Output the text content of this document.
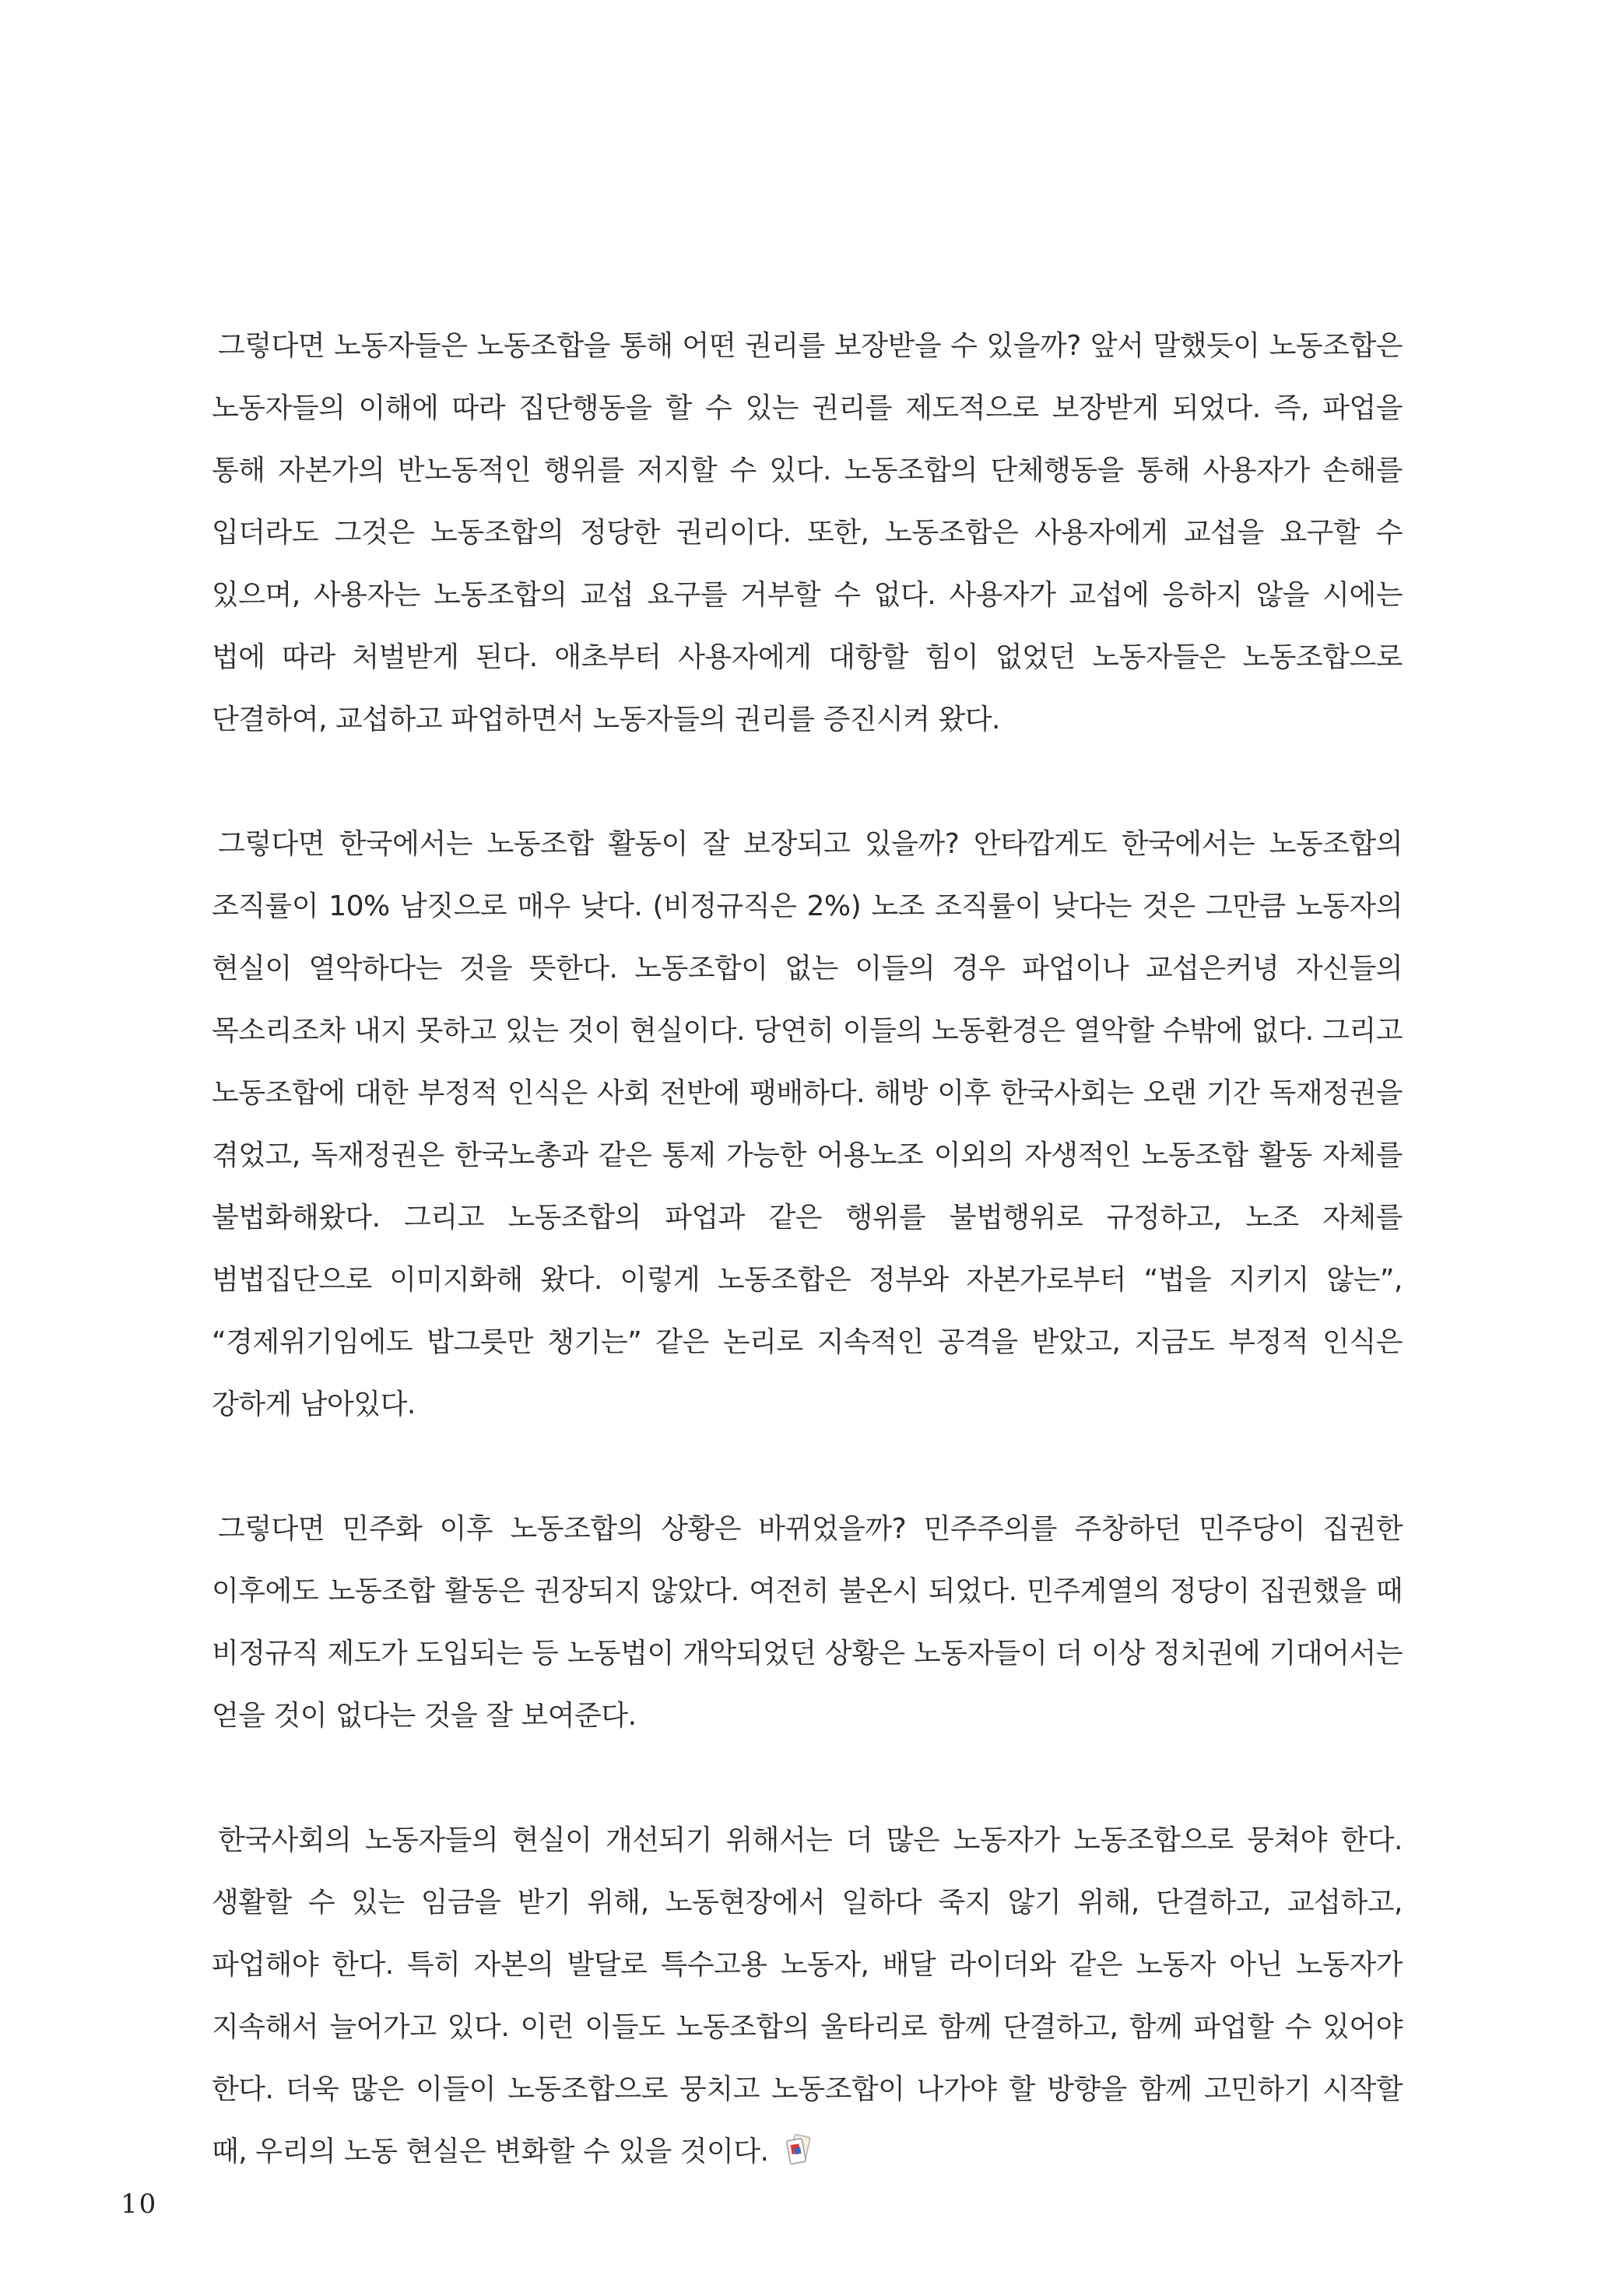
그렇다면 노동자들은 노동조합을 통해 어떤 권리를 보장받을 수 있을까? 앞서 말했듯이 노동조합은 노동자들의 이해에 따라 집단행동을 할 수 있는 권리를 제도적으로 보장받게 되었다. 즉, 파업을 통해 자본가의 반노동적인 행위를 저지할 수 있다. 노동조합의 단체행동을 통해 사용자가 손해를 입더라도 그것은 노동조합의 정당한 권리이다. 또한, 노동조합은 사용자에게 교섭을 요구할 수 있으며, 사용자는 노동조합의 교섭 요구를 거부할 수 없다. 사용자가 교섭에 응하지 않을 시에는 법에 따라 처벌받게 된다. 애초부터 사용자에게 대항할 힘이 없었던 노동자들은 노동조합으로 단결하여, 교섭하고 파업하면서 노동자들의 권리를 증진시켜 왔다.

그렇다면 한국에서는 노동조합 활동이 잘 보장되고 있을까? 안타깝게도 한국에서는 노동조합의 조직률이 10% 남짓으로 매우 낮다. (비정규직은 2%) 노조 조직률이 낮다는 것은 그만큼 노동자의 현실이 열악하다는 것을 뜻한다. 노동조합이 없는 이들의 경우 파업이나 교섭은커녕 자신들의 목소리조차 내지 못하고 있는 것이 현실이다. 당연히 이들의 노동환경은 열악할 수밖에 없다. 그리고 노동조합에 대한 부정적 인식은 사회 전반에 팽배하다. 해방 이후 한국사회는 오랜 기간 독재정권을 겪었고, 독재정권은 한국노총과 같은 통제 가능한 어용노조 이외의 자생적인 노동조합 활동 자체를 불법화해왔다. 그리고 노동조합의 파업과 같은 행위를 불법행위로 규정하고, 노조 자체를 범법집단으로 이미지화해 왔다. 이렇게 노동조합은 정부와 자본가로부터 “법을 지키지 않는”, “경제위기임에도 밥그릇만 챙기는” 같은 논리로 지속적인 공격을 받았고, 지금도 부정적 인식은 강하게 남아있다.

그렇다면 민주화 이후 노동조합의 상황은 바뀌었을까? 민주주의를 주창하던 민주당이 집권한 이후에도 노동조합 활동은 권장되지 않았다. 여전히 불온시 되었다. 민주계열의 정당이 집권했을 때 비정규직 제도가 도입되는 등 노동법이 개악되었던 상황은 노동자들이 더 이상 정치권에 기대어서는 얻을 것이 없다는 것을 잘 보여준다.

한국사회의 노동자들의 현실이 개선되기 위해서는 더 많은 노동자가 노동조합으로 뭉쳐야 한다. 생활할 수 있는 임금을 받기 위해, 노동현장에서 일하다 죽지 않기 위해, 단결하고, 교섭하고, 파업해야 한다. 특히 자본의 발달로 특수고용 노동자, 배달 라이더와 같은 노동자 아닌 노동자가 지속해서 늘어가고 있다. 이런 이들도 노동조합의 울타리로 함께 단결하고, 함께 파업할 수 있어야 한다. 더욱 많은 이들이 노동조합으로 뭉치고 노동조합이 나가야 할 방향을 함께 고민하기 시작할 때, 우리의 노동 현실은 변화할 수 있을 것이다.

10
